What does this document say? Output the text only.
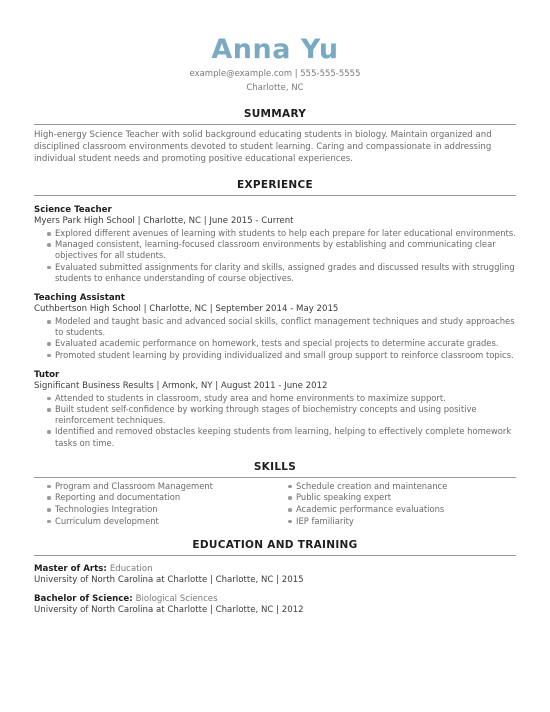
Anna Yu
example@example.com | 555-555-5555
Charlotte, NC
SUMMARY
High-energy Science Teacher with solid background educating students in biology. Maintain organized and disciplined classroom environments devoted to student learning. Caring and compassionate in addressing individual student needs and promoting positive educational experiences.
EXPERIENCE
Science Teacher
Myers Park High School | Charlotte, NC | June 2015 - Current
Explored different avenues of learning with students to help each prepare for later educational environments.
Managed consistent, learning-focused classroom environments by establishing and communicating clear objectives for all students.
Evaluated submitted assignments for clarity and skills, assigned grades and discussed results with struggling students to enhance understanding of course objectives.
Teaching Assistant
Cuthbertson High School | Charlotte, NC | September 2014 - May 2015
Modeled and taught basic and advanced social skills, conflict management techniques and study approaches to students.
Evaluated academic performance on homework, tests and special projects to determine accurate grades.
Promoted student learning by providing individualized and small group support to reinforce classroom topics.
Tutor
Significant Business Results | Armonk, NY | August 2011 - June 2012
Attended to students in classroom, study area and home environments to maximize support.
Built student self-confidence by working through stages of biochemistry concepts and using positive reinforcement techniques.
Identified and removed obstacles keeping students from learning, helping to effectively complete homework tasks on time.
SKILLS
Program and Classroom Management
Reporting and documentation
Technologies Integration
Curriculum development
Schedule creation and maintenance
Public speaking expert
Academic performance evaluations
IEP familiarity
EDUCATION AND TRAINING
Master of Arts: Education
University of North Carolina at Charlotte | Charlotte, NC | 2015
Bachelor of Science: Biological Sciences
University of North Carolina at Charlotte | Charlotte, NC | 2012
